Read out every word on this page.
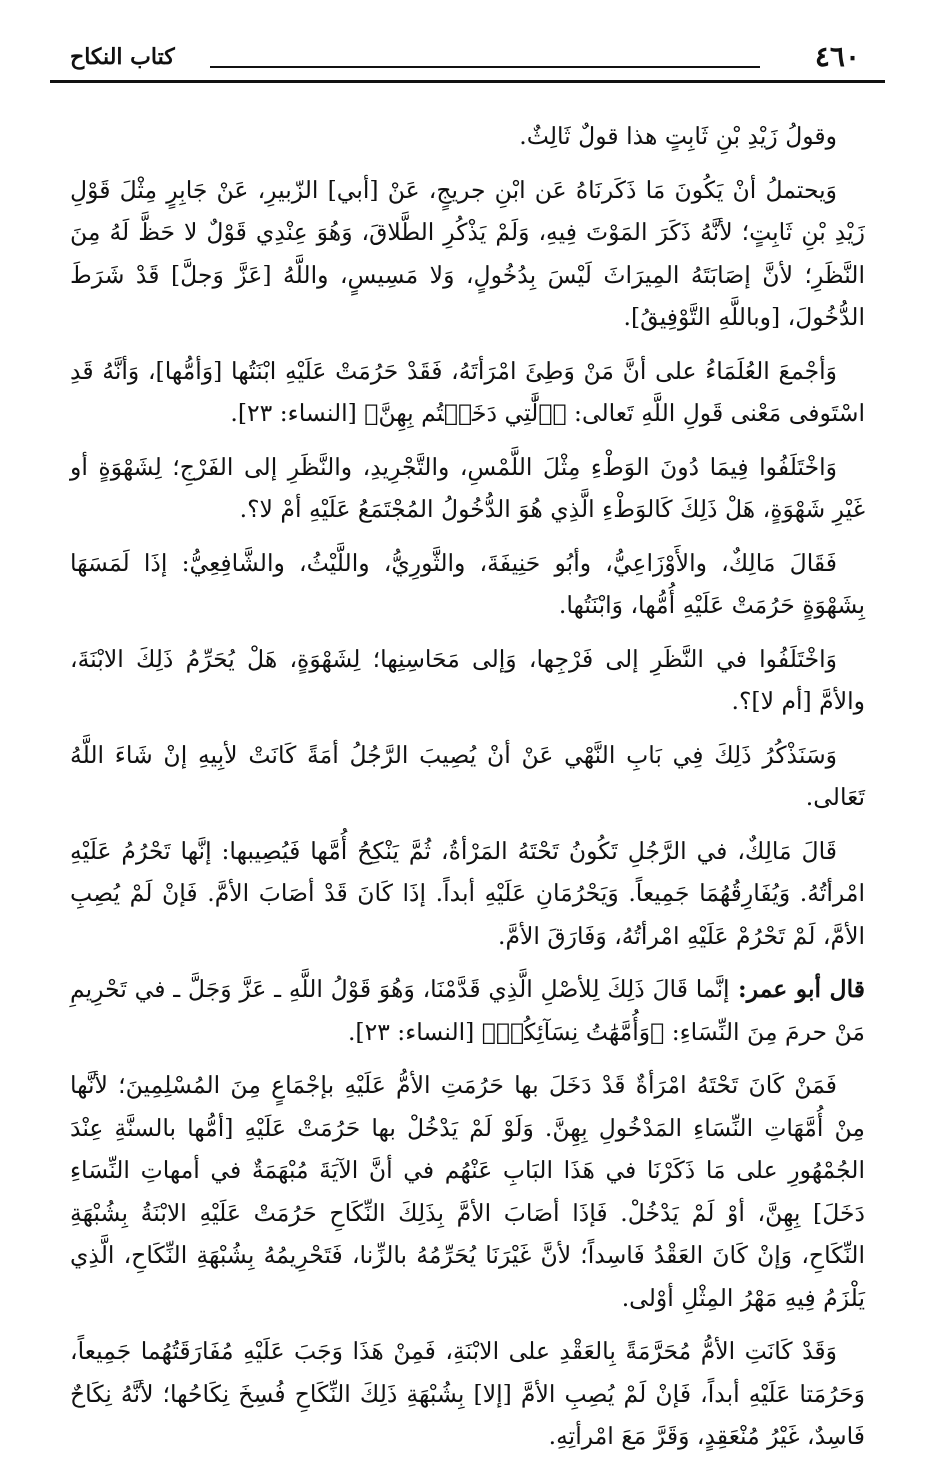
٤٦٠
كتاب النكاح

وقولُ زَيْدِ بْنِ ثَابِتٍ هذا قولٌ ثَالِثٌ.

وَيحتملُ أنْ يَكُونَ مَا ذَكَرنَاهُ عَن ابْنِ جريجٍ، عَنْ [أبي] الزّبيرِ، عَنْ جَابِرٍ مِثْلَ قَوْلِ زَيْدِ بْنِ ثَابِتٍ؛ لأنَّهُ ذَكَرَ المَوْتَ فِيهِ، وَلَمْ يَذْكُرِ الطَّلاقَ، وَهُوَ عِنْدِي قَوْلٌ لا حَظَّ لَهُ مِنَ النَّظَرِ؛ لأنَّ إصَابَتَهُ المِيرَاثَ لَيْسَ بِدُخُولٍ، وَلا مَسِيسٍ، واللَّهُ [عَزَّ وَجلَّ] قَدْ شَرَطَ الدُّخُولَ، [وباللَّهِ التَّوْفِيقُ].

وَأجْمعَ العُلَمَاءُ على أنَّ مَنْ وَطِئَ امْرَأتَهُ، فَقَدْ حَرُمَتْ عَلَيْهِ ابْنَتُها [وَأمُّها]، وَأنَّهُ قَدِ اسْتَوفى مَعْنى قَولِ اللَّهِ تَعالى: ﴿ٱلَّٰتِي دَخَلۡتُم بِهِنَّ﴾ [النساء: ٢٣].

وَاخْتَلَفُوا فِيمَا دُونَ الوَطْءِ مِثْلَ اللَّمْسِ، والتَّجْرِيدِ، والنَّظَرِ إلى الفَرْجِ؛ لِشَهْوَةٍ أو غَيْرِ شَهْوَةٍ، هَلْ ذَلِكَ كَالوَطْءِ الَّذِي هُوَ الدُّخُولُ المُجْتَمَعُ عَلَيْهِ أمْ لا؟.

فَقَالَ مَالِكٌ، والأَوْزَاعِيُّ، وأبُو حَنِيفَةَ، والثَّورِيُّ، واللَّيْثُ، والشَّافِعِيُّ: إذَا لَمَسَهَا بِشَهْوَةٍ حَرُمَتْ عَلَيْهِ أُمُّها، وَابْنَتُها.

وَاخْتَلَفُوا في النَّظَرِ إلى فَرْجِها، وَإلى مَحَاسِنِها؛ لِشَهْوَةٍ، هَلْ يُحَرِّمُ ذَلِكَ الابْنَةَ، والأمَّ [أم لا]؟.

وَسَنَذْكُرُ ذَلِكَ فِي بَابِ النَّهْي عَنْ أنْ يُصِيبَ الرَّجُلُ أمَةً كَانَتْ لأبِيهِ إنْ شَاءَ اللَّهُ تَعَالى.

قَالَ مَالِكٌ، في الرَّجُلِ تَكُونُ تَحْتَهُ المَرْأةُ، ثُمَّ يَنْكِحُ أُمَّها فَيُصِيبها: إنَّها تَحْرُمُ عَلَيْهِ امْرأتُهُ. وَيُفَارِقُهُمَا جَمِيعاً. وَيَحْرُمَانِ عَلَيْهِ أبداً. إذَا كَانَ قَدْ أصَابَ الأمَّ. فَإنْ لَمْ يُصِبِ الأمَّ، لَمْ تَحْرُمْ عَلَيْهِ امْرأتُهُ، وَفَارَقَ الأمَّ.

قال أبو عمر: إنَّما قَالَ ذَلِكَ لِلأصْلِ الَّذِي قَدَّمْنَا، وَهُوَ قَوْلُ اللَّهِ ـ عَزَّ وَجَلَّ ـ في تَحْرِيمِ مَنْ حرمَ مِنَ النِّسَاءِ: ﴿وَأُمَّهَٰتُ نِسَآئِكُمۡ﴾ [النساء: ٢٣].

فَمَنْ كَانَ تَحْتَهُ امْرَأةٌ قَدْ دَخَلَ بها حَرُمَتِ الأمُّ عَلَيْهِ بإجْمَاعٍ مِنَ المُسْلِمِينَ؛ لأنَّها مِنْ أُمَّهَاتِ النِّسَاءِ المَدْخُولِ بِهِنَّ. وَلَوْ لَمْ يَدْخُلْ بها حَرُمَتْ عَلَيْهِ [أمُّها بالسنَّةِ عِنْدَ الجُمْهُورِ على مَا ذَكَرْنَا في هَذَا البَابِ عَنْهُم في أنَّ الآيَةَ مُبْهَمَةٌ في أمهاتِ النِّسَاءِ دَخَلَ] بِهِنَّ، أوْ لَمْ يَدْخُلْ. فَإذَا أصَابَ الأمَّ بِذَلِكَ النِّكَاحِ حَرُمَتْ عَلَيْهِ الابْنَةُ بِشُبْهَةِ النِّكَاحِ، وَإنْ كَانَ العَقْدُ فَاسِداً؛ لأنَّ غَيْرَنَا يُحَرِّمُهُ بالزِّنا، فَتَحْرِيمُهُ بِشُبْهَةِ النِّكَاحِ، الَّذِي يَلْزَمُ فِيهِ مَهْرُ المِثْلِ أوْلى.

وَقَدْ كَانَتِ الأمُّ مُحَرَّمَةً بِالعَقْدِ على الابْنَةِ، فَمِنْ هَذَا وَجَبَ عَلَيْهِ مُفَارَقَتُهُما جَمِيعاً، وَحَرُمَتا عَلَيْهِ أبداً، فَإنْ لَمْ يُصِبِ الأمَّ [إلا] بِشُبْهَةِ ذَلِكَ النِّكَاحِ فُسِخَ نِكَاحُها؛ لأنَّهُ نِكَاحٌ فَاسِدٌ، غَيْرُ مُنْعَقِدٍ، وَقَرَّ مَعَ امْرأتِهِ.
